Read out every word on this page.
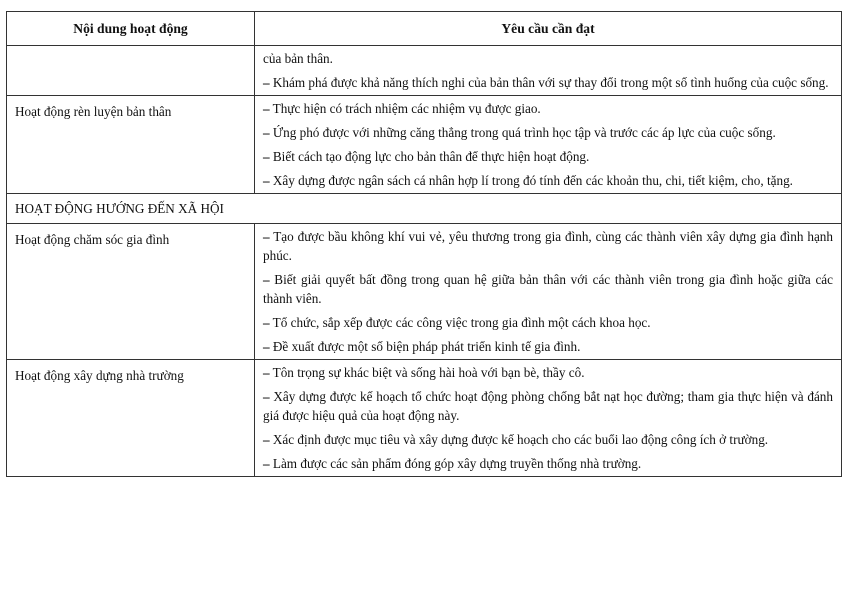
Nội dung hoạt động	Yêu cầu cần đạt

	của bản thân.
– Khám phá được khả năng thích nghi của bản thân với sự thay đổi trong một số tình huống của cuộc sống.

Hoạt động rèn luyện bản thân	– Thực hiện có trách nhiệm các nhiệm vụ được giao.
– Ứng phó được với những căng thẳng trong quá trình học tập và trước các áp lực của cuộc sống.
– Biết cách tạo động lực cho bản thân để thực hiện hoạt động.
– Xây dựng được ngân sách cá nhân hợp lí trong đó tính đến các khoản thu, chi, tiết kiệm, cho, tặng.

HOẠT ĐỘNG HƯỚNG ĐẾN XÃ HỘI	
Hoạt động chăm sóc gia đình	– Tạo được bầu không khí vui vẻ, yêu thương trong gia đình, cùng các thành viên xây dựng gia đình hạnh phúc.
– Biết giải quyết bất đồng trong quan hệ giữa bản thân với các thành viên trong gia đình hoặc giữa các thành viên.
– Tổ chức, sắp xếp được các công việc trong gia đình một cách khoa học.
– Đề xuất được một số biện pháp phát triển kinh tế gia đình.

Hoạt động xây dựng nhà trường	– Tôn trọng sự khác biệt và sống hài hoà với bạn bè, thầy cô.
– Xây dựng được kế hoạch tổ chức hoạt động phòng chống bắt nạt học đường; tham gia thực hiện và đánh giá được hiệu quả của hoạt động này.
– Xác định được mục tiêu và xây dựng được kế hoạch cho các buổi lao động công ích ở trường.
– Làm được các sản phẩm đóng góp xây dựng truyền thống nhà trường.
